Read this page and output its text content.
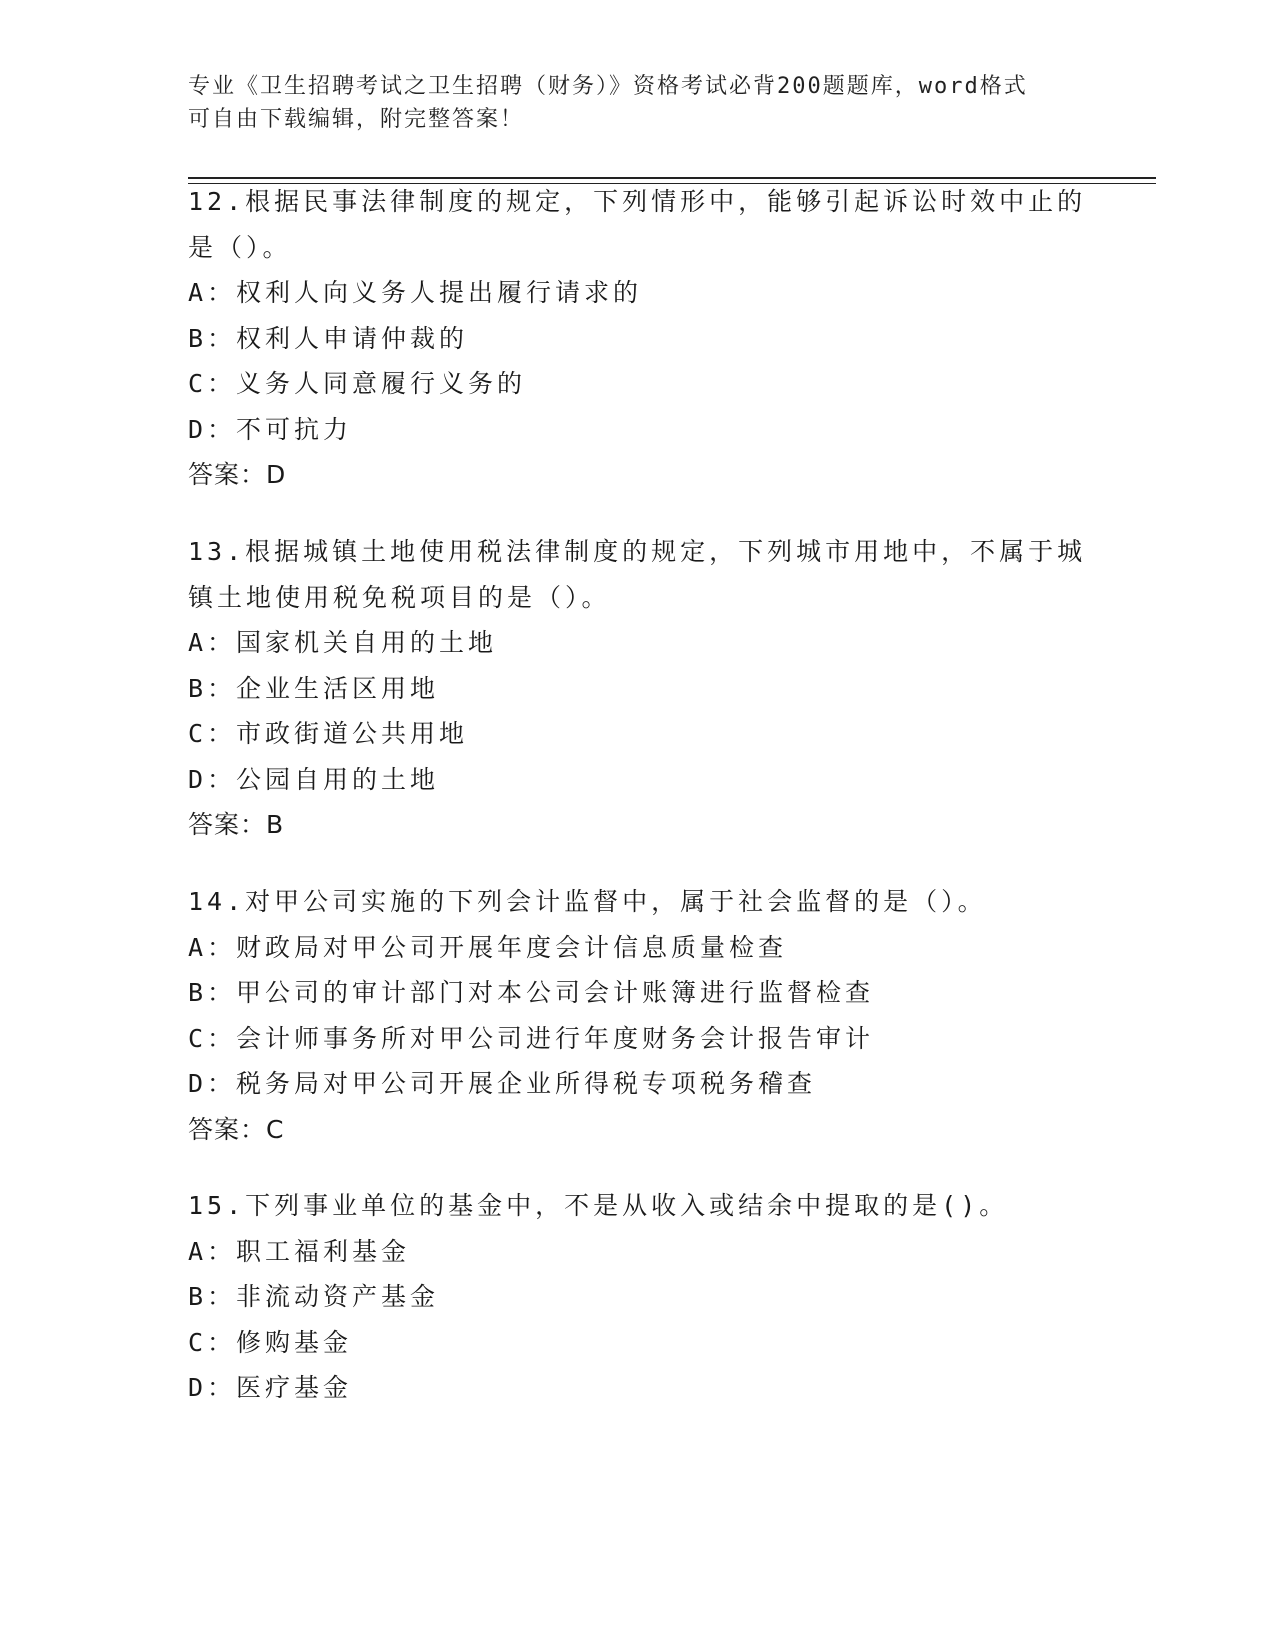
专业《卫生招聘考试之卫生招聘（财务）》资格考试必背200题题库，word格式
可自由下载编辑，附完整答案！
12.根据民事法律制度的规定，下列情形中，能够引起诉讼时效中止的
是（）。
A：权利人向义务人提出履行请求的
B：权利人申请仲裁的
C：义务人同意履行义务的
D：不可抗力
答案：D
13.根据城镇土地使用税法律制度的规定，下列城市用地中，不属于城
镇土地使用税免税项目的是（）。
A：国家机关自用的土地
B：企业生活区用地
C：市政街道公共用地
D：公园自用的土地
答案：B
14.对甲公司实施的下列会计监督中，属于社会监督的是（）。
A：财政局对甲公司开展年度会计信息质量检查
B：甲公司的审计部门对本公司会计账簿进行监督检查
C：会计师事务所对甲公司进行年度财务会计报告审计
D：税务局对甲公司开展企业所得税专项税务稽查
答案：C
15.下列事业单位的基金中，不是从收入或结余中提取的是()。
A：职工福利基金
B：非流动资产基金
C：修购基金
D：医疗基金
